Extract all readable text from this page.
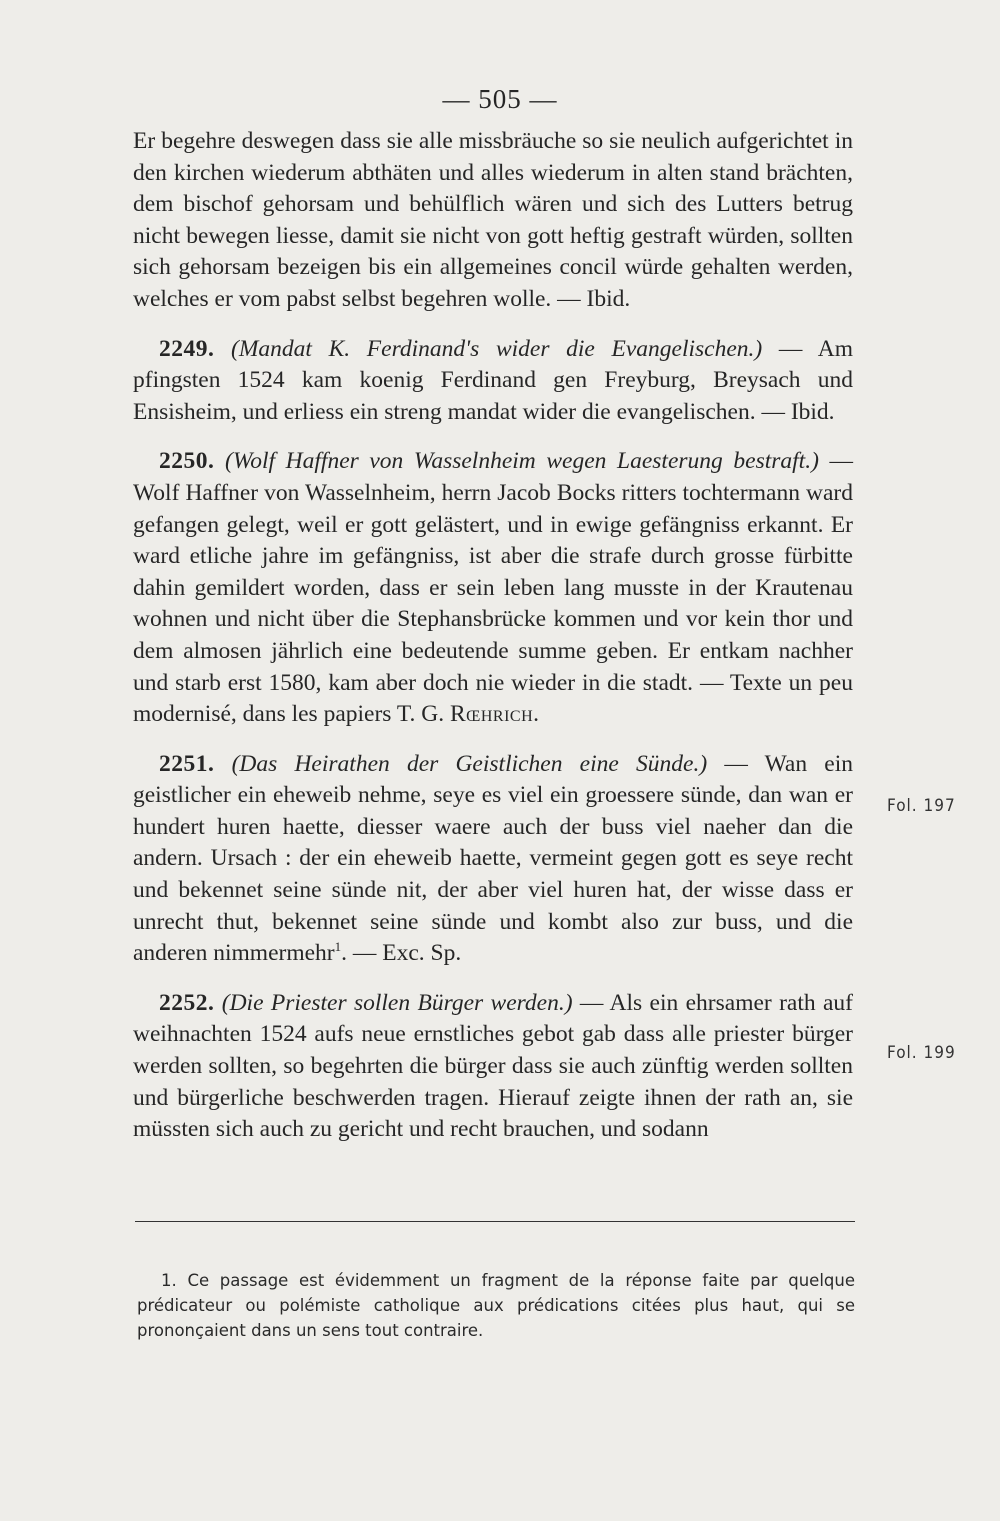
— 505 —

Er begehre deswegen dass sie alle missbräuche so sie neulich aufgerichtet in den kirchen wiederum abthäten und alles wiederum in alten stand brächten, dem bischof gehorsam und behülflich wären und sich des Lutters betrug nicht bewegen liesse, damit sie nicht von gott heftig gestraft würden, sollten sich gehorsam bezeigen bis ein allgemeines concil würde gehalten werden, welches er vom pabst selbst begehren wolle. — Ibid.

2249. (Mandat K. Ferdinand's wider die Evangelischen.) — Am pfingsten 1524 kam koenig Ferdinand gen Freyburg, Breysach und Ensisheim, und erliess ein streng mandat wider die evangelischen. — Ibid.

2250. (Wolf Haffner von Wasselnheim wegen Laesterung bestraft.) — Wolf Haffner von Wasselnheim, herrn Jacob Bocks ritters tochtermann ward gefangen gelegt, weil er gott gelästert, und in ewige gefängniss erkannt. Er ward etliche jahre im gefängniss, ist aber die strafe durch grosse fürbitte dahin gemildert worden, dass er sein leben lang musste in der Krautenau wohnen und nicht über die Stephansbrücke kommen und vor kein thor und dem almosen jährlich eine bedeutende summe geben. Er entkam nachher und starb erst 1580, kam aber doch nie wieder in die stadt. — Texte un peu modernisé, dans les papiers T. G. Rœhrich.

2251. (Das Heirathen der Geistlichen eine Sünde.) — Wan ein geistlicher ein eheweib nehme, seye es viel ein groessere sünde, dan wan er hundert huren haette, diesser waere auch der buss viel naeher dan die andern. Ursach : der ein eheweib haette, vermeint gegen gott es seye recht und bekennet seine sünde nit, der aber viel huren hat, der wisse dass er unrecht thut, bekennet seine sünde und kombt also zur buss, und die anderen nimmermehr$^1$. — Exc. Sp.

2252. (Die Priester sollen Bürger werden.) — Als ein ehrsamer rath auf weihnachten 1524 aufs neue ernstliches gebot gab dass alle priester bürger werden sollten, so begehrten die bürger dass sie auch zünftig werden sollten und bürgerliche beschwerden tragen. Hierauf zeigte ihnen der rath an, sie müssten sich auch zu gericht und recht brauchen, und sodann

Fol. 197
Fol. 199
1. Ce passage est évidemment un fragment de la réponse faite par quelque prédicateur ou polémiste catholique aux prédications citées plus haut, qui se prononçaient dans un sens tout contraire.
